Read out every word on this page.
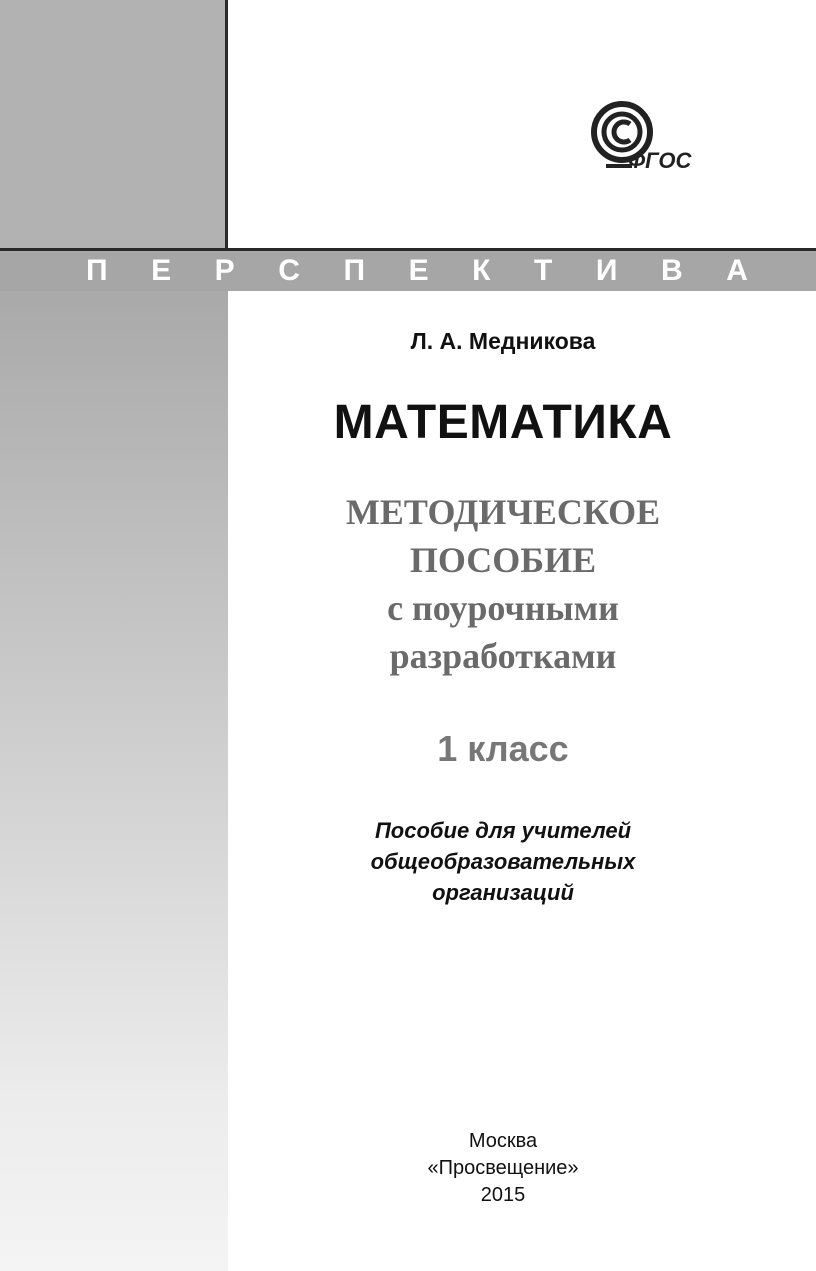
П Е Р С П Е К Т И В А
ФГОС
Л. А. Медникова
МАТЕМАТИКА
МЕТОДИЧЕСКОЕ
ПОСОБИЕ
с поурочными
разработками
1 класс
Пособие для учителей
общеобразовательных
организаций
Москва
«Просвещение»
2015
